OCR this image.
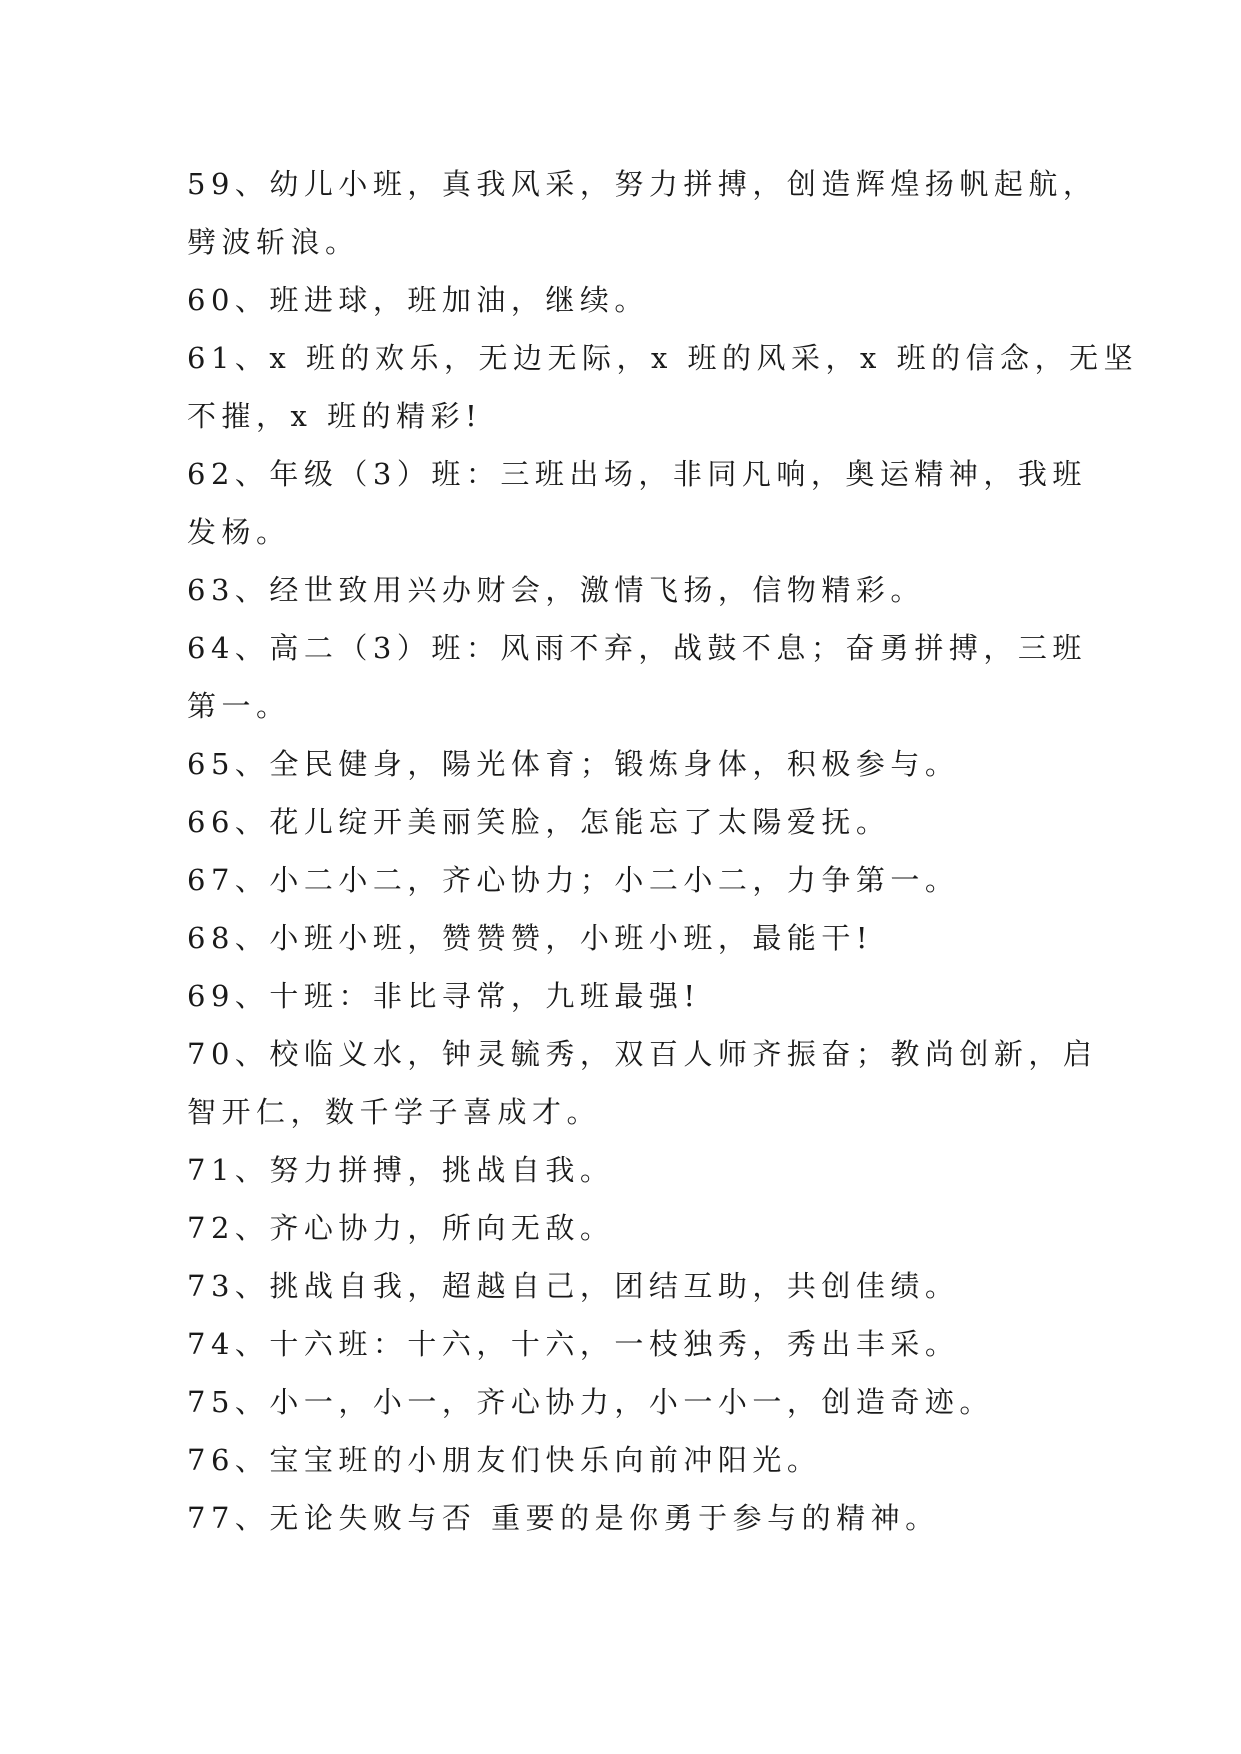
59、幼儿小班，真我风采，努力拼搏，创造辉煌扬帆起航，
劈波斩浪。
60、班进球，班加油，继续。
61、x 班的欢乐，无边无际，x 班的风采，x 班的信念，无坚
不摧，x 班的精彩!
62、年级（3）班：三班出场，非同凡响，奥运精神，我班
发杨。
63、经世致用兴办财会，激情飞扬，信物精彩。
64、高二（3）班：风雨不弃，战鼓不息；奋勇拼搏，三班
第一。
65、全民健身，陽光体育；锻炼身体，积极参与。
66、花儿绽开美丽笑脸，怎能忘了太陽爱抚。
67、小二小二，齐心协力；小二小二，力争第一。
68、小班小班，赞赞赞，小班小班，最能干!
69、十班：非比寻常，九班最强!
70、校临义水，钟灵毓秀，双百人师齐振奋；教尚创新，启
智开仁，数千学子喜成才。
71、努力拼搏，挑战自我。
72、齐心协力，所向无敌。
73、挑战自我，超越自己，团结互助，共创佳绩。
74、十六班：十六，十六，一枝独秀，秀出丰采。
75、小一，小一，齐心协力，小一小一，创造奇迹。
76、宝宝班的小朋友们快乐向前冲阳光。
77、无论失败与否 重要的是你勇于参与的精神。
